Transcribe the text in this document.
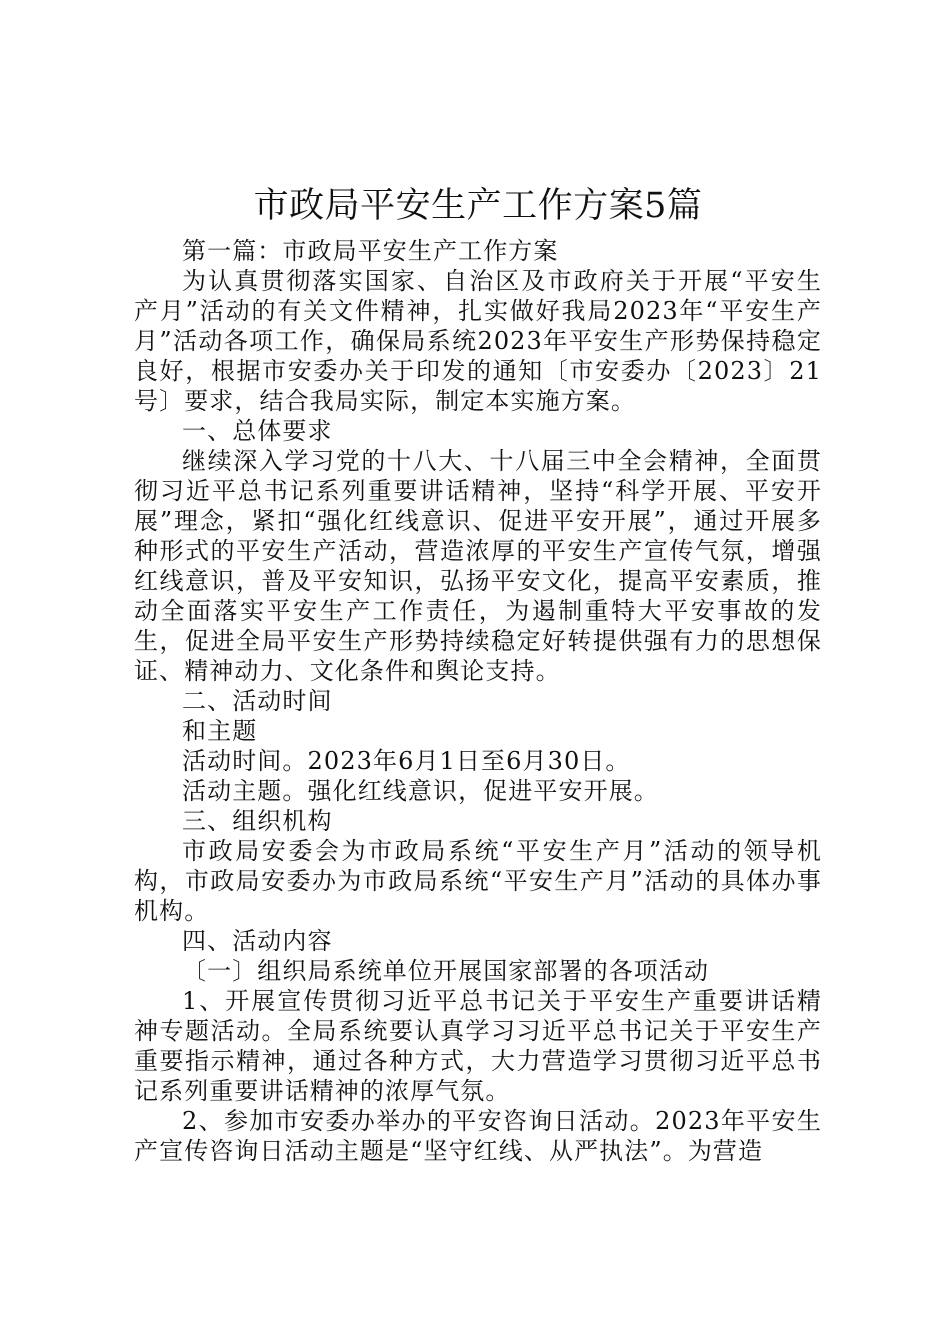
市政局平安生产工作方案5篇

第一篇：市政局平安生产工作方案

为认真贯彻落实国家、自治区及市政府关于开展“平安生产月”活动的有关文件精神，扎实做好我局2023年“平安生产月”活动各项工作，确保局系统2023年平安生产形势保持稳定良好，根据市安委办关于印发的通知〔市安委办〔2023〕21号〕要求，结合我局实际，制定本实施方案。

一、总体要求

继续深入学习党的十八大、十八届三中全会精神，全面贯彻习近平总书记系列重要讲话精神，坚持“科学开展、平安开展”理念，紧扣“强化红线意识、促进平安开展”，通过开展多种形式的平安生产活动，营造浓厚的平安生产宣传气氛，增强红线意识，普及平安知识，弘扬平安文化，提高平安素质，推动全面落实平安生产工作责任，为遏制重特大平安事故的发生，促进全局平安生产形势持续稳定好转提供强有力的思想保证、精神动力、文化条件和舆论支持。

二、活动时间

和主题

活动时间。2023年6月1日至6月30日。

活动主题。强化红线意识，促进平安开展。

三、组织机构

市政局安委会为市政局系统“平安生产月”活动的领导机构，市政局安委办为市政局系统“平安生产月”活动的具体办事机构。

四、活动内容

〔一〕组织局系统单位开展国家部署的各项活动

1、开展宣传贯彻习近平总书记关于平安生产重要讲话精神专题活动。全局系统要认真学习习近平总书记关于平安生产重要指示精神，通过各种方式，大力营造学习贯彻习近平总书记系列重要讲话精神的浓厚气氛。

2、参加市安委办举办的平安咨询日活动。2023年平安生产宣传咨询日活动主题是“坚守红线、从严执法”。为营造
